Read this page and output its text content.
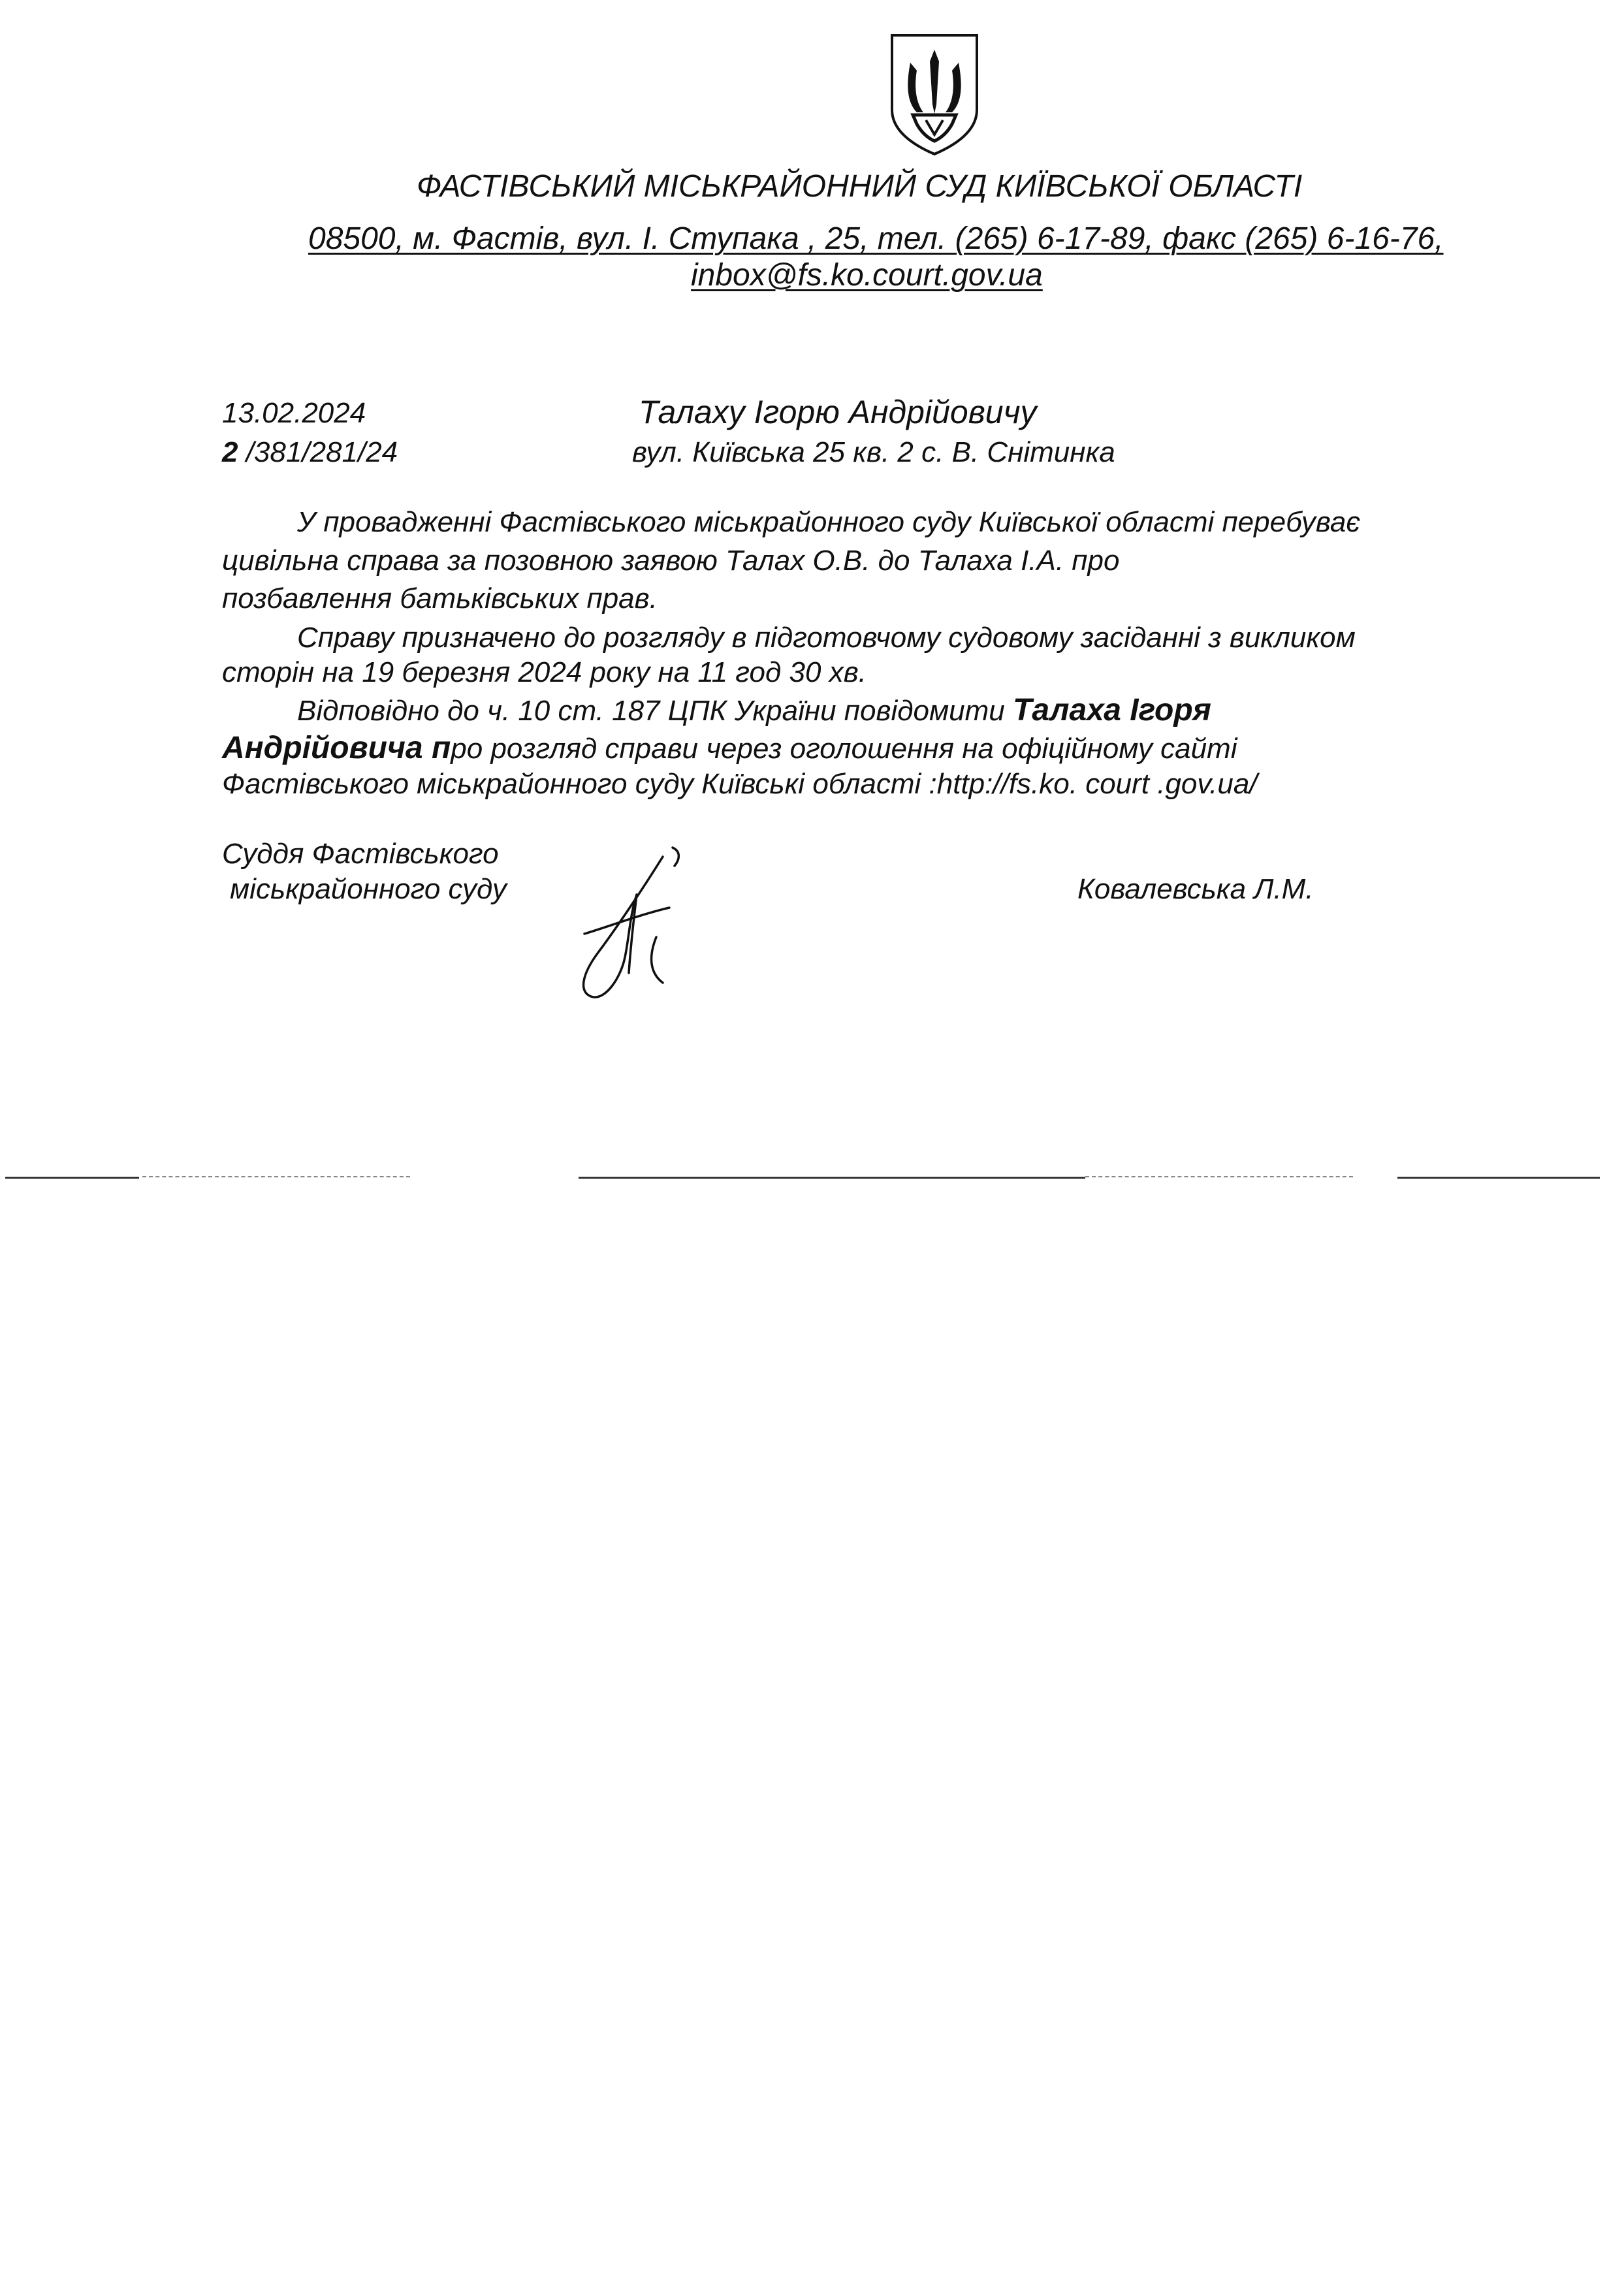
ФАСТІВСЬКИЙ МІСЬКРАЙОННИЙ СУД КИЇВСЬКОЇ ОБЛАСТІ
08500, м. Фастів, вул. І. Ступака , 25, тел. (265) 6-17-89, факс (265) 6-16-76,
inbox@fs.ko.court.gov.ua
13.02.2024
2 /381/281/24
Талаху Ігорю Андрійовичу
вул. Київська 25 кв. 2 с. В. Снітинка
У провадженні Фастівського міськрайонного суду Київської області перебуває
цивільна справа за позовною заявою Талах О.В. до Талаха І.А. про
позбавлення батьківських прав.
Справу призначено до розгляду в підготовчому судовому засіданні з викликом
сторін на 19 березня 2024 року на 11 год 30 хв.
Відповідно до ч. 10 ст. 187 ЦПК України повідомити Талаха Ігоря
Андрійовича про розгляд справи через оголошення на офіційному сайті
Фастівського міськрайонного суду Київські області :http://fs.ko. court .gov.ua/
Суддя Фастівського
міськрайонного суду	Ковалевська Л.М.
